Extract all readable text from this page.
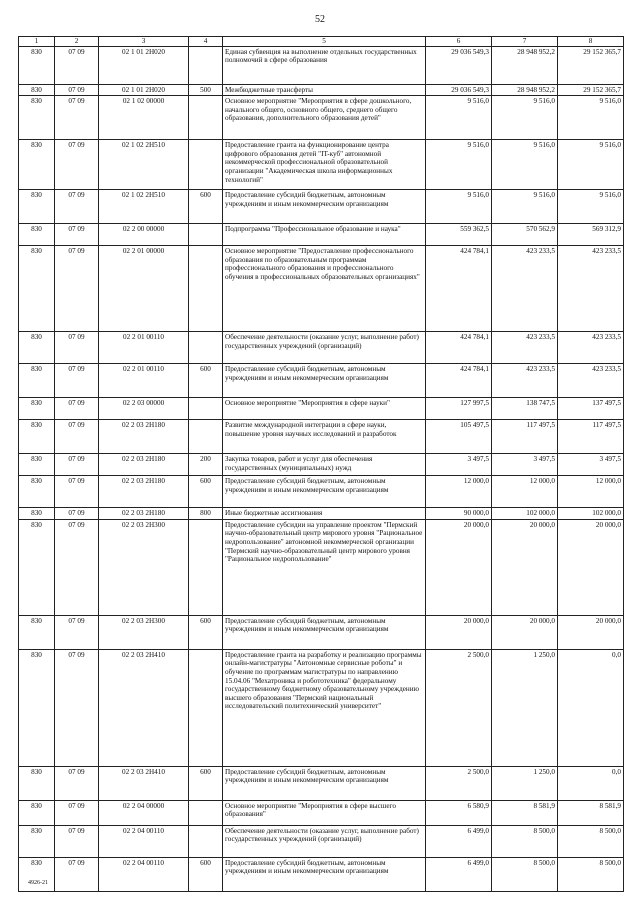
52
1	2	3	4	5	6	7	8
830	07 09	02 1 01 2H020		Единая субвенция на выполнение отдельных государственных полномочий в сфере образования	29 036 549,3	28 948 952,2	29 152 365,7
830	07 09	02 1 01 2H020	500	Межбюджетные трансферты	29 036 549,3	28 948 952,2	29 152 365,7
830	07 09	02 1 02 00000		Основное мероприятие "Мероприятия в сфере дошкольного, начального общего, основного общего, среднего общего образования, дополнительного образования детей"	9 516,0	9 516,0	9 516,0
830	07 09	02 1 02 2H510		Предоставление гранта на функционирование центра цифрового образования детей "IT-куб" автономной некоммерческой профессиональной образовательной организации "Академическая школа информационных технологий"	9 516,0	9 516,0	9 516,0
830	07 09	02 1 02 2H510	600	Предоставление субсидий бюджетным, автономным учреждениям и иным некоммерческим организациям	9 516,0	9 516,0	9 516,0
830	07 09	02 2 00 00000		Подпрограмма "Профессиональное образование и наука"	559 362,5	570 562,9	569 312,9
830	07 09	02 2 01 00000		Основное мероприятие "Предоставление профессионального образования по образовательным программам профессионального образования и профессионального обучения в профессиональных образовательных организациях"	424 784,1	423 233,5	423 233,5
830	07 09	02 2 01 00110		Обеспечение деятельности (оказание услуг, выполнение работ) государственных учреждений (организаций)	424 784,1	423 233,5	423 233,5
830	07 09	02 2 01 00110	600	Предоставление субсидий бюджетным, автономным учреждениям и иным некоммерческим организациям	424 784,1	423 233,5	423 233,5
830	07 09	02 2 03 00000		Основное мероприятие "Мероприятия в сфере науки"	127 997,5	138 747,5	137 497,5
830	07 09	02 2 03 2H180		Развитие международной интеграции в сфере науки, повышение уровня научных исследований и разработок	105 497,5	117 497,5	117 497,5
830	07 09	02 2 03 2H180	200	Закупка товаров, работ и услуг для обеспечения государственных (муниципальных) нужд	3 497,5	3 497,5	3 497,5
830	07 09	02 2 03 2H180	600	Предоставление субсидий бюджетным, автономным учреждениям и иным некоммерческим организациям	12 000,0	12 000,0	12 000,0
830	07 09	02 2 03 2H180	800	Иные бюджетные ассигнования	90 000,0	102 000,0	102 000,0
830	07 09	02 2 03 2H300		Предоставление субсидии на управление проектом "Пермский научно-образовательный центр мирового уровня "Рациональное недропользование" автономной некоммерческой организации "Пермский научно-образовательный центр мирового уровня "Рациональное недропользование"	20 000,0	20 000,0	20 000,0
830	07 09	02 2 03 2H300	600	Предоставление субсидий бюджетным, автономным учреждениям и иным некоммерческим организациям	20 000,0	20 000,0	20 000,0
830	07 09	02 2 03 2H410		Предоставление гранта на разработку и реализацию программы онлайн-магистратуры "Автономные сервисные роботы" и обучение по программам магистратуры по направлению 15.04.06 "Мехатроника и робототехника" федеральному государственному бюджетному образовательному учреждению высшего образования "Пермский национальный исследовательский политехнический университет"	2 500,0	1 250,0	0,0
830	07 09	02 2 03 2H410	600	Предоставление субсидий бюджетным, автономным учреждениям и иным некоммерческим организациям	2 500,0	1 250,0	0,0
830	07 09	02 2 04 00000		Основное мероприятие "Мероприятия в сфере высшего образования"	6 580,9	8 581,9	8 581,9
830	07 09	02 2 04 00110		Обеспечение деятельности (оказание услуг, выполнение работ) государственных учреждений (организаций)	6 499,0	8 500,0	8 500,0
830	07 09	02 2 04 00110	600	Предоставление субсидий бюджетным, автономным учреждениям и иным некоммерческим организациям	6 499,0	8 500,0	8 500,0
4926-21
